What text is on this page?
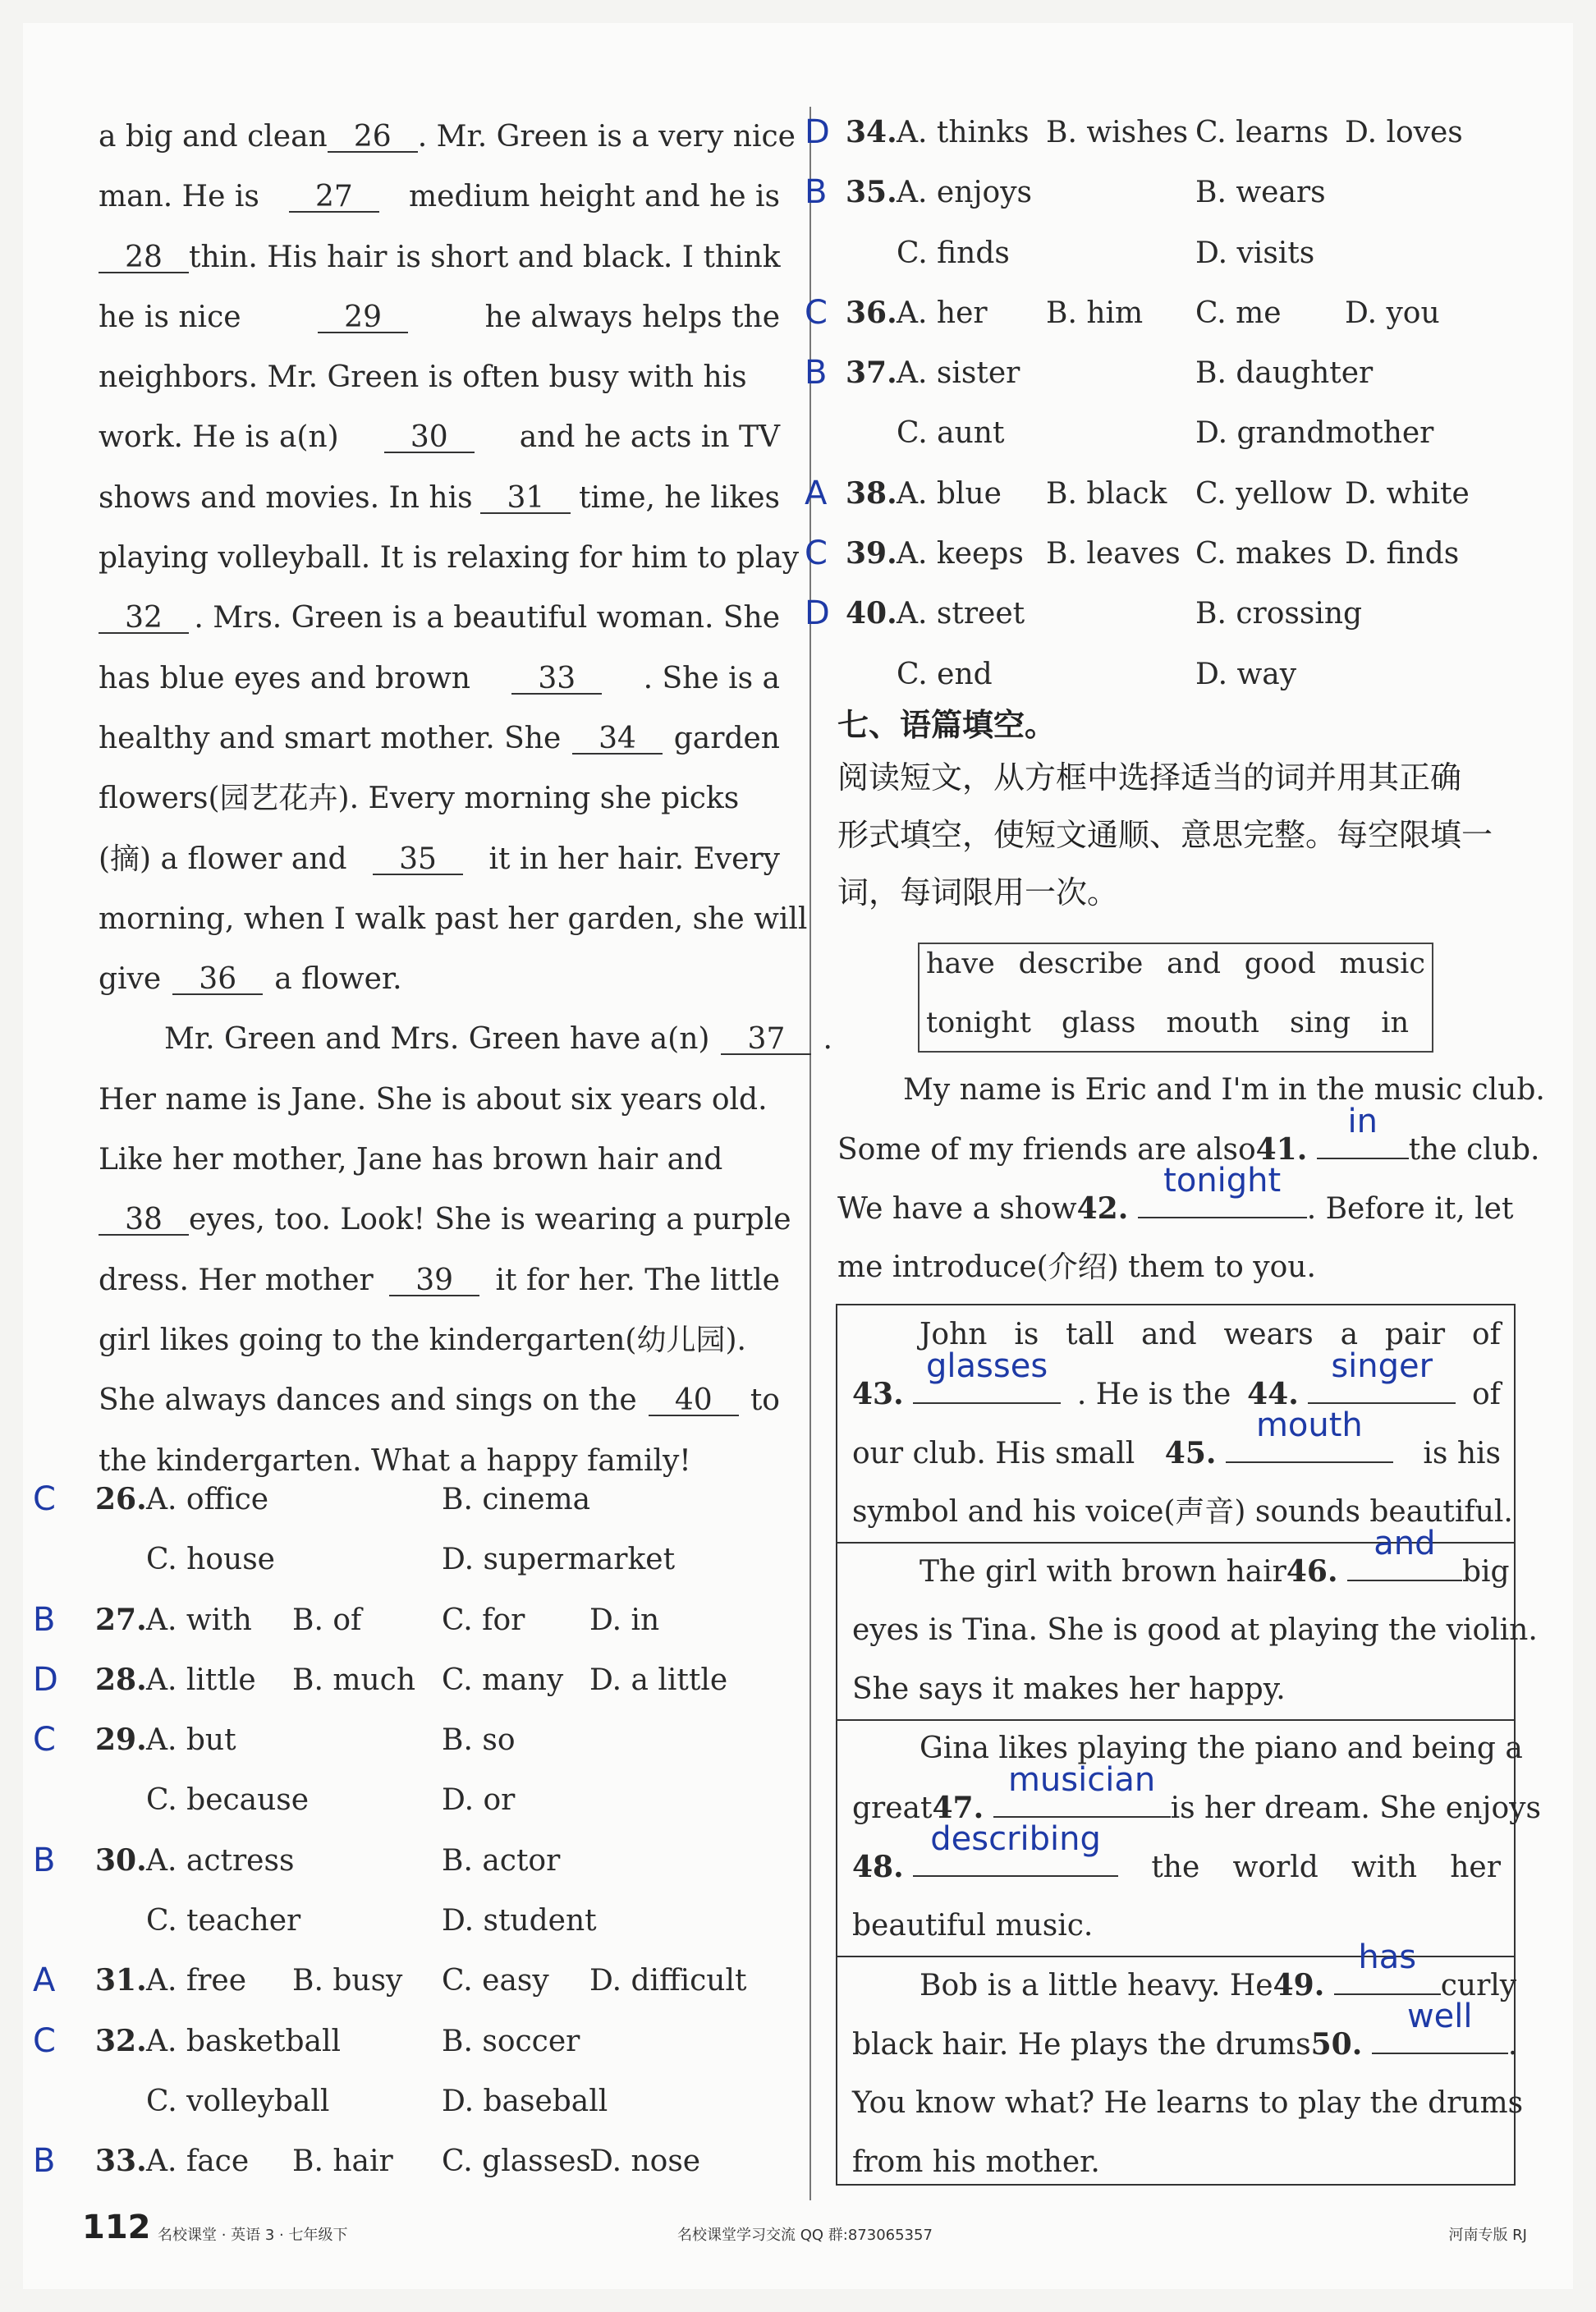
a big and clean 26 . Mr. Green is a very nice
man. He is	27	medium height and he is
28 thin. His hair is short and black. I think
he is nice	29	he always helps the
neighbors. Mr. Green is often busy with his
work. He is a(n)	30	and he acts in TV
shows and movies. In his	31	time, he likes
playing volleyball. It is relaxing for him to play
32	. Mrs. Green is a beautiful woman. She
has blue eyes and brown	33	. She is a
healthy and smart mother. She	34	garden
flowers(园艺花卉). Every morning she picks
(摘) a flower and	35	it in her hair. Every
morning, when I walk past her garden, she will
give	36	a flower.
Mr. Green and Mrs. Green have a(n)	37	.
Her name is Jane. She is about six years old.
Like her mother, Jane has brown hair and
38 eyes, too. Look! She is wearing a purple
dress. Her mother	39	it for her. The little
girl likes going to the kindergarten(幼儿园).
She always dances and sings on the	40	to
the kindergarten. What a happy family!
C	26. A. office	B. cinema
C. house	D. supermarket
B	27. A. with B. of	C. for D. in
D	28. A. little B. much C. many D. a little
C	29. A. but	B. so
C. because	D. or
B	30. A. actress	B. actor
C. teacher	D. student
A	31. A. free B. busy C. easy D. difficult
C	32. A. basketball	B. soccer
C. volleyball	D. baseball
B	33. A. face B. hair C. glasses
D. nose
D 34. A. thinks B. wishes C. learns D. loves
B 35. A. enjoys	B. wears
C. finds	D. visits
C 36. A. her B. him C. me D. you
B 37. A. sister	B. daughter
C. aunt	D. grandmother
A 38. A. blue B. black C. yellow D. white
C 39. A. keeps B. leaves C. makes D. finds
D 40. A. street	B. crossing
C. end	D. way
七、语篇填空。
阅读短文，从方框中选择适当的词并用其正确
形式填空，使短文通顺、意思完整。每空限填一
词，每词限用一次。
have describe and good music
tonight glass mouth sing in
My name is Eric and I'm in the music club.
Some of my friends are also 41.
in
the club.
We have a show 42.
tonight
. Before it, let
me introduce(介绍) them to you.
John is tall and wears a pair of
43.
glasses
. He is the 44.
singer
of
our club. His small 45.
mouth
is his
symbol and his voice(声音) sounds beautiful.
The girl with brown hair 46.
and
big
eyes is Tina. She is good at playing the violin.
She says it makes her happy.
Gina likes playing the piano and being a
great 47.
musician
is her dream. She enjoys
48.
describing
the world with her
beautiful music.
Bob is a little heavy. He 49.
has
curly
black hair. He plays the drums 50.
well
.
You know what? He learns to play the drums
from his mother.
112 名校课堂 · 英语 3 · 七年级下	名校课堂学习交流 QQ 群:873065357	河南专版 RJ
